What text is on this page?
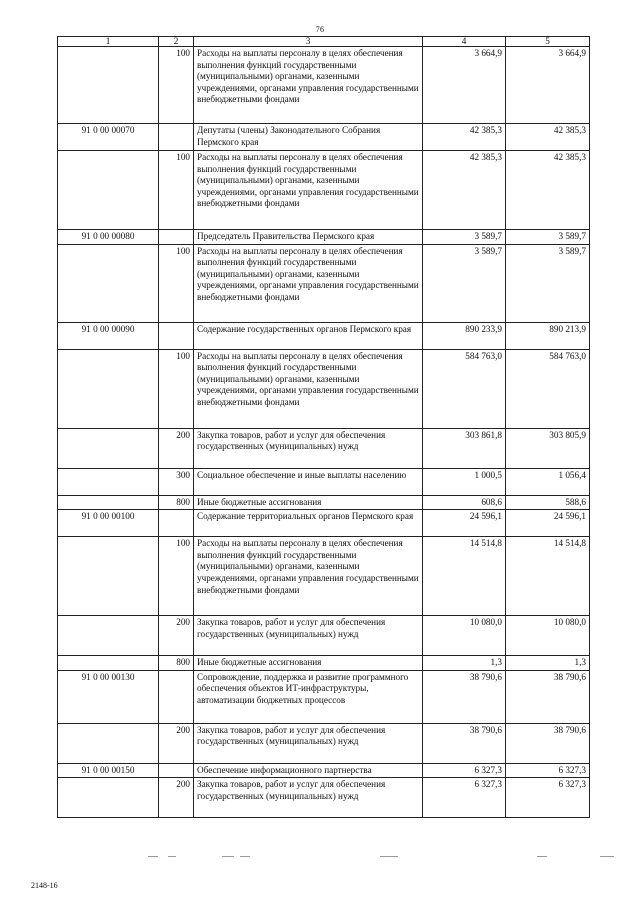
76
1	2	3	4	5
	100	Расходы на выплаты персоналу в целях обеспечения выполнения функций государственными (муниципальными) органами, казенными учреждениями, органами управления государственными внебюджетными фондами	3 664,9	3 664,9
91 0 00 00070		Депутаты (члены) Законодательного Собрания Пермского края	42 385,3	42 385,3
	100	Расходы на выплаты персоналу в целях обеспечения выполнения функций государственными (муниципальными) органами, казенными учреждениями, органами управления государственными внебюджетными фондами	42 385,3	42 385,3
91 0 00 00080		Председатель Правительства Пермского края	3 589,7	3 589,7
	100	Расходы на выплаты персоналу в целях обеспечения выполнения функций государственными (муниципальными) органами, казенными учреждениями, органами управления государственными внебюджетными фондами	3 589,7	3 589,7
91 0 00 00090		Содержание государственных органов Пермского края	890 233,9	890 213,9
	100	Расходы на выплаты персоналу в целях обеспечения выполнения функций государственными (муниципальными) органами, казенными учреждениями, органами управления государственными внебюджетными фондами	584 763,0	584 763,0
	200	Закупка товаров, работ и услуг для обеспечения государственных (муниципальных) нужд	303 861,8	303 805,9
	300	Социальное обеспечение и иные выплаты населению	1 000,5	1 056,4
	800	Иные бюджетные ассигнования	608,6	588,6
91 0 00 00100		Содержание территориальных органов Пермского края	24 596,1	24 596,1
	100	Расходы на выплаты персоналу в целях обеспечения выполнения функций государственными (муниципальными) органами, казенными учреждениями, органами управления государственными внебюджетными фондами	14 514,8	14 514,8
	200	Закупка товаров, работ и услуг для обеспечения государственных (муниципальных) нужд	10 080,0	10 080,0
	800	Иные бюджетные ассигнования	1,3	1,3
91 0 00 00130		Сопровождение, поддержка и развитие программного обеспечения объектов ИТ-инфраструктуры, автоматизации бюджетных процессов	38 790,6	38 790,6
	200	Закупка товаров, работ и услуг для обеспечения государственных (муниципальных) нужд	38 790,6	38 790,6
91 0 00 00150		Обеспечение информационного партнерства	6 327,3	6 327,3
	200	Закупка товаров, работ и услуг для обеспечения государственных (муниципальных) нужд	6 327,3	6 327,3
2148-16
